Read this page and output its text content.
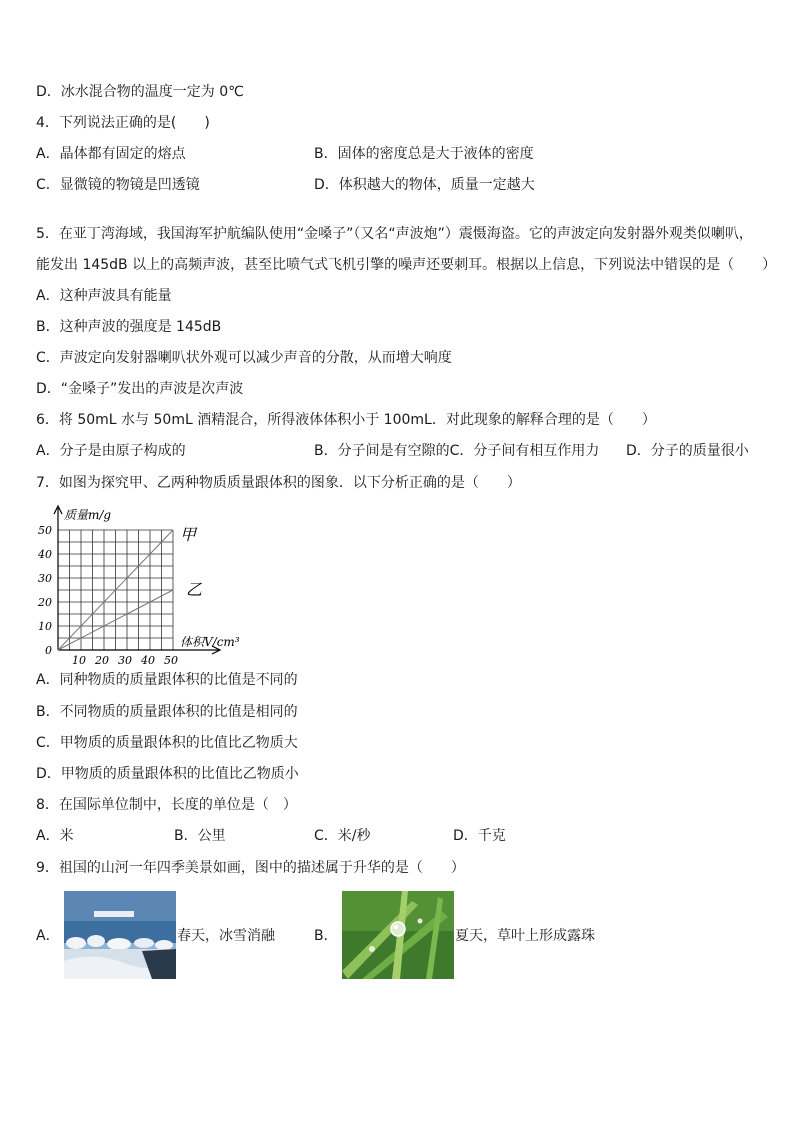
D．冰水混合物的温度一定为 0℃
4．下列说法正确的是(　　)
A．晶体都有固定的熔点	B．固体的密度总是大于液体的密度
C．显微镜的物镜是凹透镜	D．体积越大的物体，质量一定越大
5．在亚丁湾海域，我国海军护航编队使用“金嗓子”（又名“声波炮”）震慑海盗。它的声波定向发射器外观类似喇叭，
能发出 145dB 以上的高频声波，甚至比喷气式飞机引擎的噪声还要刺耳。根据以上信息，下列说法中错误的是（　　）
A．这种声波具有能量
B．这种声波的强度是 145dB
C．声波定向发射器喇叭状外观可以减少声音的分散，从而增大响度
D．“金嗓子”发出的声波是次声波
6．将 50mL 水与 50mL 酒精混合，所得液体体积小于 100mL．对此现象的解释合理的是（　　）
A．分子是由原子构成的	B．分子间是有空隙的C．分子间有相互作用力 D．分子的质量很小
7．如图为探究甲、乙两种物质质量跟体积的图象．以下分析正确的是（　　）
0
10
20
30
40
50
10 20 30 40 50
质量m/g
体积V/cm³
甲
乙
A．同种物质的质量跟体积的比值是不同的
B．不同物质的质量跟体积的比值是相同的
C．甲物质的质量跟体积的比值比乙物质大
D．甲物质的质量跟体积的比值比乙物质小
8．在国际单位制中，长度的单位是（　）
A．米	B．公里	C．米/秒	D．千克
9．祖国的山河一年四季美景如画，图中的描述属于升华的是（　　）
A．	春天，冰雪消融	B．	夏天，草叶上形成露珠
